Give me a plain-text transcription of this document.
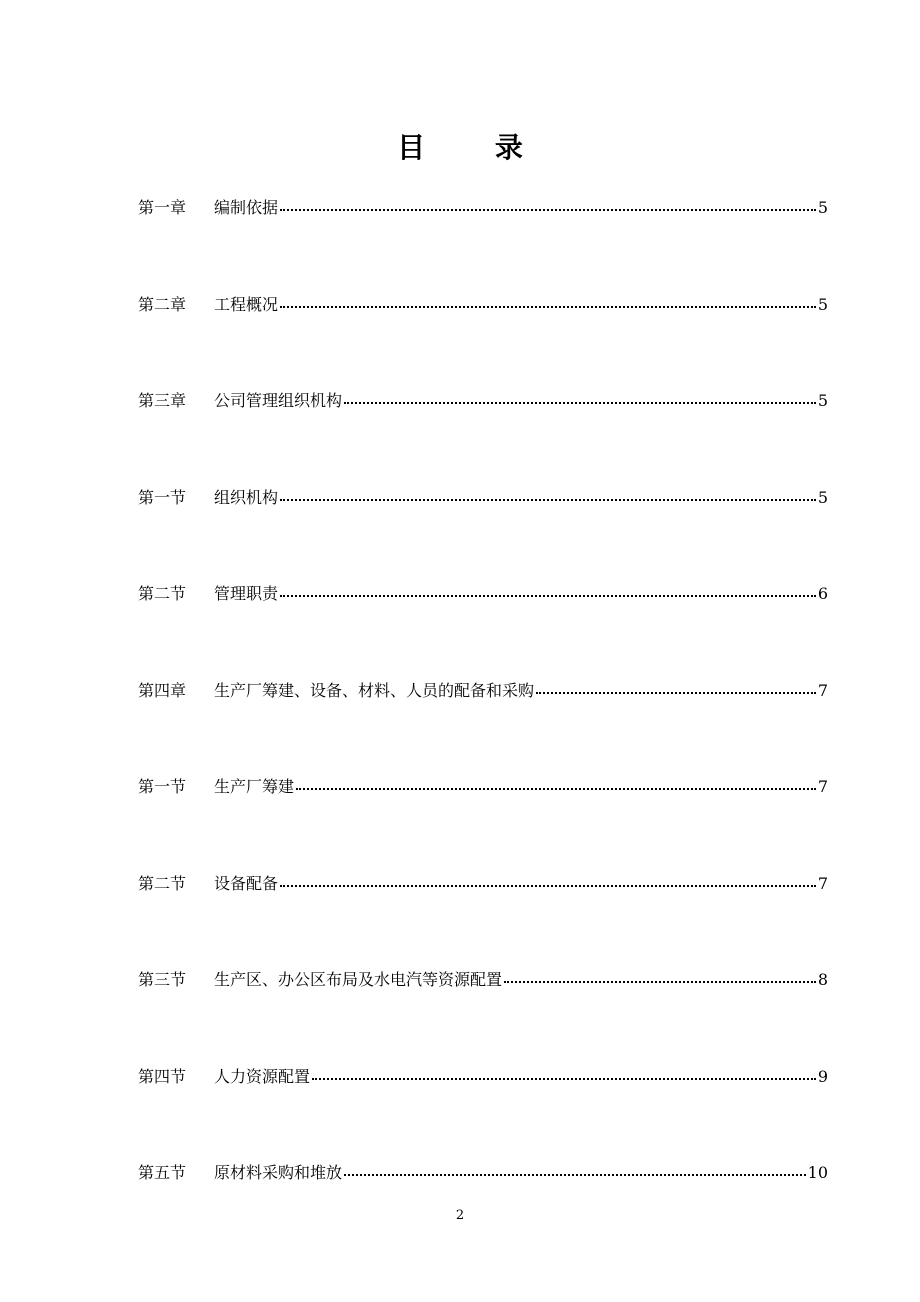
目 录
第一章	编制依据	5
第二章	工程概况	5
第三章	公司管理组织机构	5
第一节	组织机构	5
第二节	管理职责	6
第四章	生产厂筹建、设备、材料、人员的配备和采购	7
第一节	生产厂筹建	7
第二节	设备配备	7
第三节	生产区、办公区布局及水电汽等资源配置	8
第四节	人力资源配置	9
第五节	原材料采购和堆放	10
2
